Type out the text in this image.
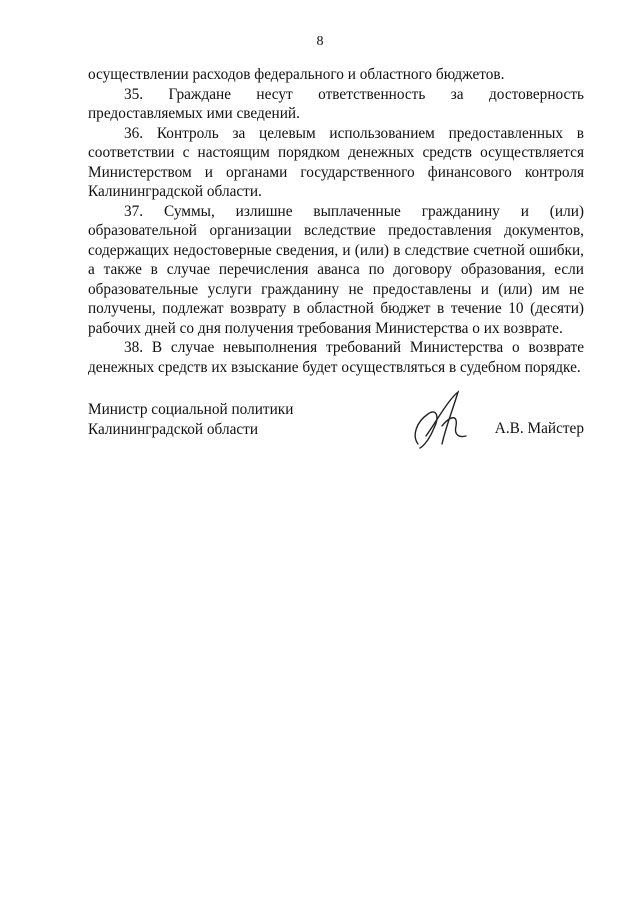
8

осуществлении расходов федерального и областного бюджетов.

35. Граждане несут ответственность за достоверность предоставляемых ими сведений.

36. Контроль за целевым использованием предоставленных в соответствии с настоящим порядком денежных средств осуществляется Министерством и органами государственного финансового контроля Калининградской области.

37. Суммы, излишне выплаченные гражданину и (или) образовательной организации вследствие предоставления документов, содержащих недостоверные сведения, и (или) в следствие счетной ошибки, а также в случае перечисления аванса по договору образования, если образовательные услуги гражданину не предоставлены и (или) им не получены, подлежат возврату в областной бюджет в течение 10 (десяти) рабочих дней со дня получения требования Министерства о их возврате.

38. В случае невыполнения требований Министерства о возврате денежных средств их взыскание будет осуществляться в судебном порядке.

Министр социальной политики
Калининградской области	А.В. Майстер
